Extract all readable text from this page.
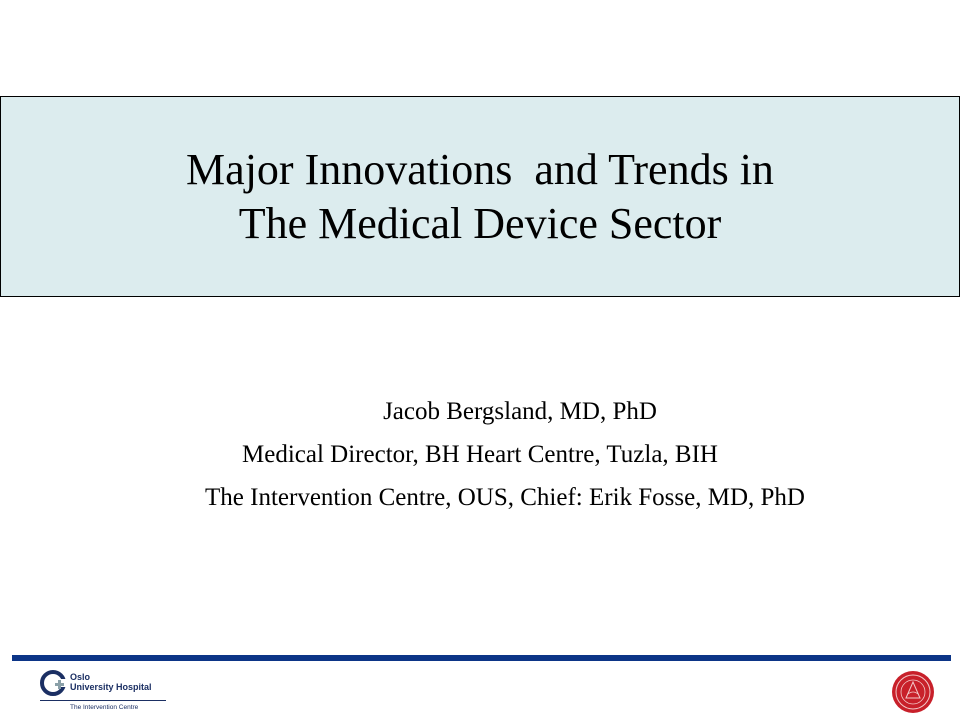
Major Innovations  and Trends in
The Medical Device Sector
Jacob Bergsland, MD, PhD
Medical Director, BH Heart Centre, Tuzla, BIH
The Intervention Centre, OUS, Chief: Erik Fosse, MD, PhD
Oslo
University Hospital
The Intervention Centre
